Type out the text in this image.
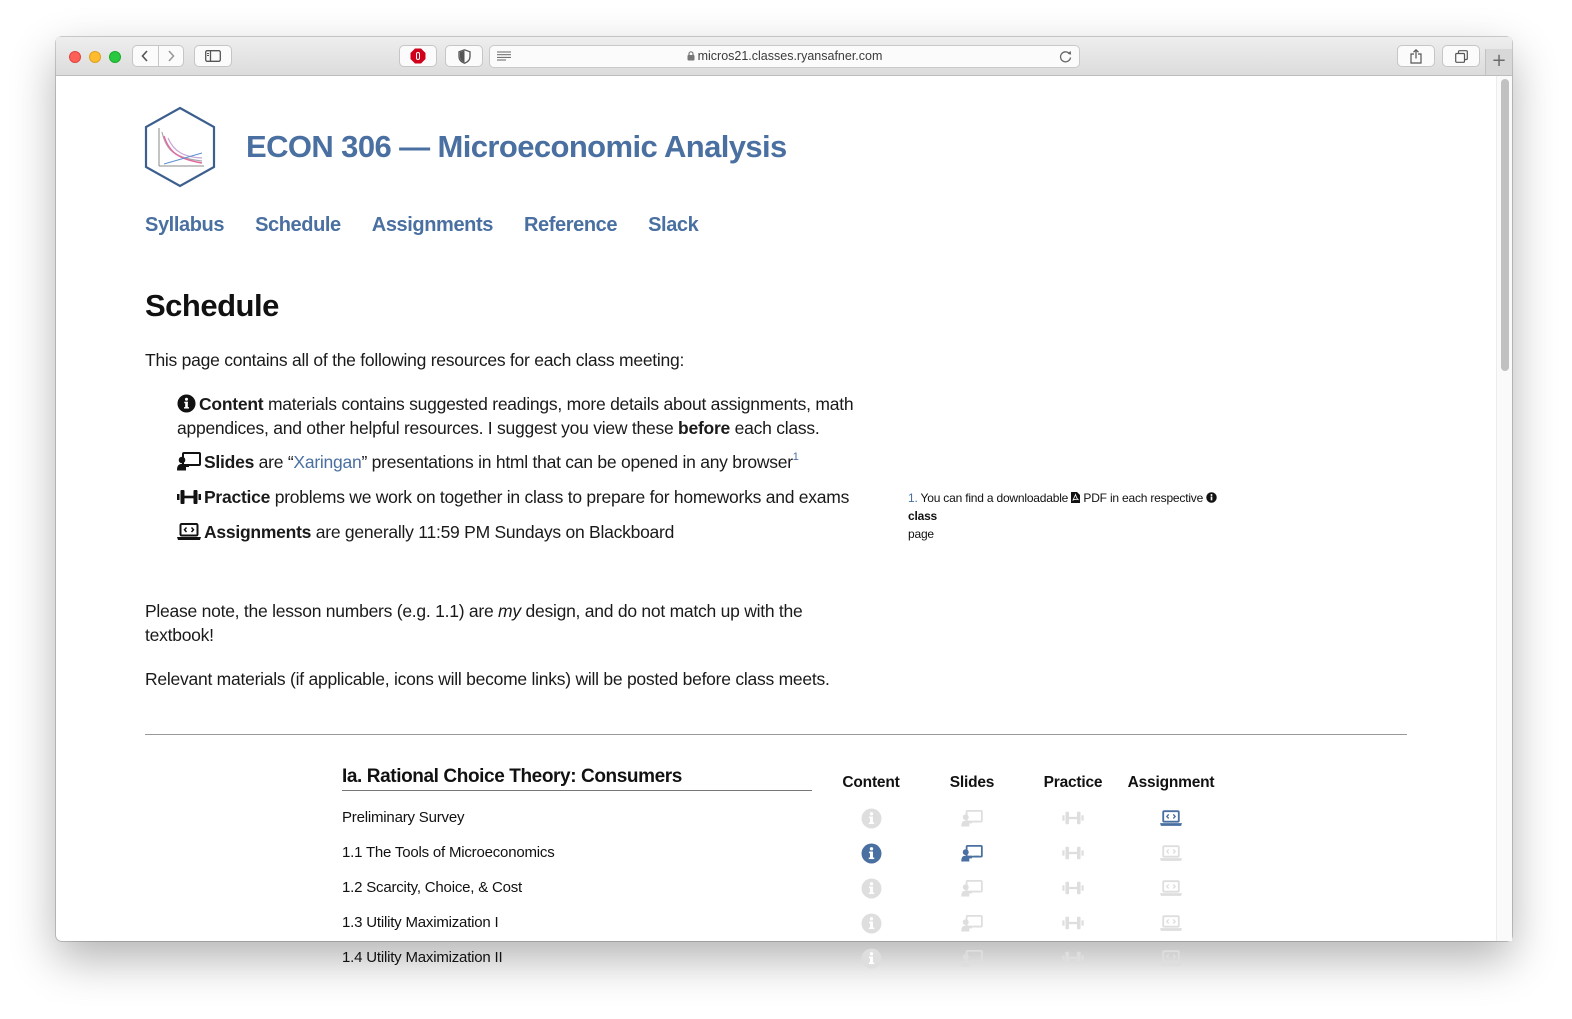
micros21.classes.ryansafner.com	+
ECON 306 — Microeconomic Analysis
Syllabus Schedule Assignments Reference Slack
Schedule
This page contains all of the following resources for each class meeting:
Content materials contains suggested readings, more details about assignments, math appendices, and other helpful resources. I suggest you view these before each class.
Slides are “Xaringan” presentations in html that can be opened in any browser$^1$
Practice problems we work on together in class to prepare for homeworks and exams
Assignments are generally 11:59 PM Sundays on Blackboard
Please note, the lesson numbers (e.g. 1.1) are my design, and do not match up with the textbook!
Relevant materials (if applicable, icons will become links) will be posted before class meets.
1. You can find a downloadable  PDF in each respective  class
page
Ia. Rational Choice Theory: Consumers	Content	Slides	Practice	Assignment
Preliminary Survey
1.1 The Tools of Microeconomics
1.2 Scarcity, Choice, & Cost
1.3 Utility Maximization I
1.4 Utility Maximization II
